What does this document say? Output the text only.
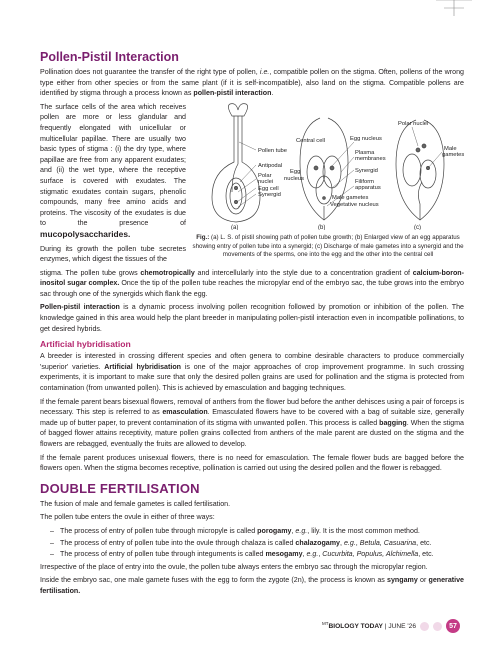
Pollen-Pistil Interaction

Pollination does not guarantee the transfer of the right type of pollen, i.e., compatible pollen on the stigma. Often, pollens of the wrong type either from other species or from the same plant (if it is self-incompatible), also land on the stigma. Compatible pollens are identified by stigma through a process known as pollen-pistil interaction.

The surface cells of the area which receives pollen are more or less glandular and frequently elongated with unicellular or multicellular papillae. There are usually two basic types of stigma : (i) the dry type, where papillae are free from any apparent exudates; and (ii) the wet type, where the receptive surface is covered with exudates. The stigmatic exudates contain sugars, phenolic compounds, many free amino acids and proteins. The viscosity of the exudates is due to the presence of mucopolysaccharides.

During its growth the pollen tube secretes enzymes, which digest the tissues of the

Pollen tube
Antipodal
Polar
nuclei
Egg cell
Synergid
(a)
Central cell
Egg
nucleus
Egg nucleus
Plasma
membranes
Synergid
Filiform
apparatus
Male gametes
Vegetative nucleus
(b)
Polar nuclei
Male
gametes
(c)
Fig.: (a) L. S. of pistil showing path of pollen tube growth; (b) Enlarged view of an egg apparatus showing entry of pollen tube into a synergid; (c) Discharge of male gametes into a synergid and the movements of the sperms, one into the egg and the other into the central cell

stigma. The pollen tube grows chemotropically and intercellularly into the style due to a concentration gradient of calcium-boron-inositol sugar complex. Once the tip of the pollen tube reaches the micropylar end of the embryo sac, the tube grows into the embryo sac through one of the synergids which flank the egg.

Pollen-pistil interaction is a dynamic process involving pollen recognition followed by promotion or inhibition of the pollen. The knowledge gained in this area would help the plant breeder in manipulating pollen-pistil interaction even in incompatible pollinations, to get desired hybrids.

Artificial hybridisation

A breeder is interested in crossing different species and often genera to combine desirable characters to produce commercially 'superior' varieties. Artificial hybridisation is one of the major approaches of crop improvement programme. In such crossing experiments, it is important to make sure that only the desired pollen grains are used for pollination and the stigma is protected from contamination (from unwanted pollen). This is achieved by emasculation and bagging techniques.

If the female parent bears bisexual flowers, removal of anthers from the flower bud before the anther dehisces using a pair of forceps is necessary. This step is referred to as emasculation. Emasculated flowers have to be covered with a bag of suitable size, generally made up of butter paper, to prevent contamination of its stigma with unwanted pollen. This process is called bagging. When the stigma of bagged flower attains receptivity, mature pollen grains collected from anthers of the male parent are dusted on the stigma and the flowers are rebagged, eventually the fruits are allowed to develop.

If the female parent produces unisexual flowers, there is no need for emasculation. The female flower buds are bagged before the flowers open. When the stigma becomes receptive, pollination is carried out using the desired pollen and the flower is rebagged.

DOUBLE FERTILISATION

The fusion of male and female gametes is called fertilisation.

The pollen tube enters the ovule in either of three ways:

– The process of entry of pollen tube through micropyle is called porogamy, e.g., lily. It is the most common method.
– The process of entry of pollen tube into the ovule through chalaza is called chalazogamy, e.g., Betula, Casuarina, etc.
– The process of entry of pollen tube through integuments is called mesogamy, e.g., Cucurbita, Populus, Alchimella, etc.

Irrespective of the place of entry into the ovule, the pollen tube always enters the embryo sac through the micropylar region.

Inside the embryo sac, one male gamete fuses with the egg to form the zygote (2n), the process is known as syngamy or generative fertilisation.

$^{MT}$BIOLOGY TODAY | JUNE '26	57
